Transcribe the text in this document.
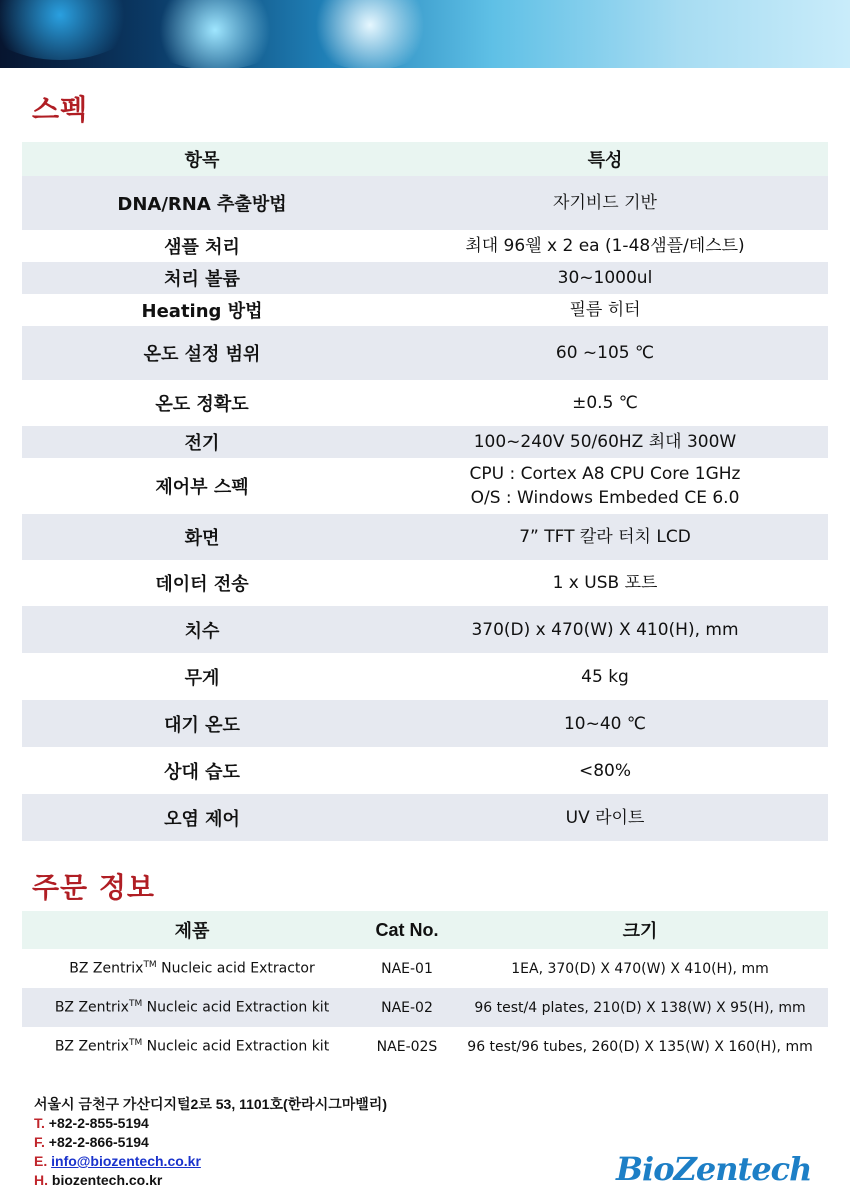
스펙
항목	특성
DNA/RNA 추출방법	자기비드 기반
샘플 처리	최대 96웰 x 2 ea (1-48샘플/테스트)
처리 볼륨	30~1000ul
Heating 방법	필름 히터
온도 설정 범위	60 ~105 ℃
온도 정확도	±0.5 ℃
전기	100~240V 50/60HZ 최대 300W
제어부 스펙	CPU : Cortex A8 CPU Core 1GHz
O/S : Windows Embeded CE 6.0

화면	7” TFT 칼라 터치 LCD
데이터 전송	1 x USB 포트
치수	370(D) x 470(W) X 410(H), mm
무게	45 kg
대기 온도	10~40 ℃
상대 습도	<80%
오염 제어	UV 라이트
주문 정보
제품	Cat No.	크기
BZ Zentrix™ Nucleic acid Extractor	NAE-01	1EA, 370(D) X 470(W) X 410(H), mm
BZ Zentrix™ Nucleic acid Extraction kit	NAE-02	96 test/4 plates, 210(D) X 138(W) X 95(H), mm
BZ Zentrix™ Nucleic acid Extraction kit	NAE-02S	96 test/96 tubes, 260(D) X 135(W) X 160(H), mm
서울시 금천구 가산디지털2로 53, 1101호(한라시그마밸리)
T. +82-2-855-5194
F. +82-2-866-5194
E. info@biozentech.co.kr
H. biozentech.co.kr	BioZentech
